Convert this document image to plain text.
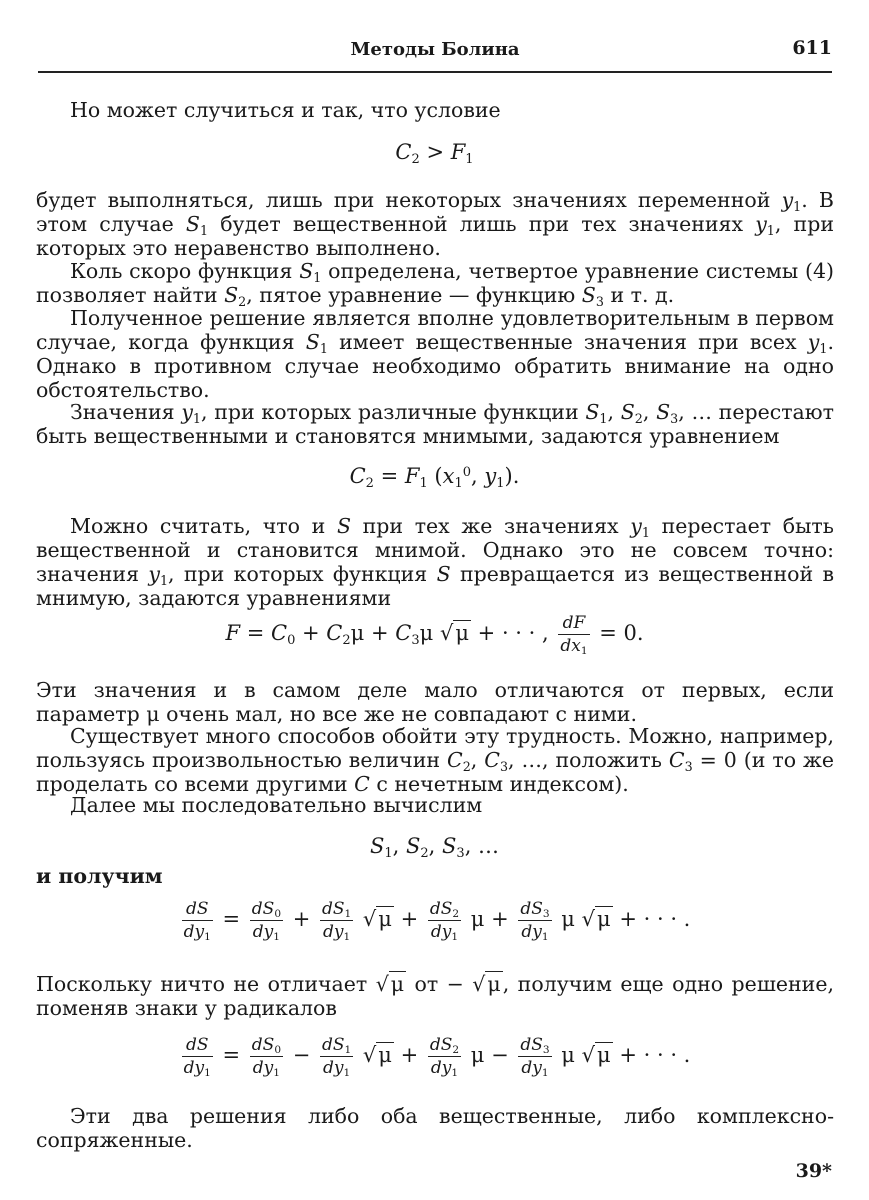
Методы Болина	611

Но может случиться и так, что условие

$C_2 > F_1$

будет выполняться, лишь при некоторых значениях переменной $y_1$. В этом случае $S_1$ будет вещественной лишь при тех значениях $y_1$, при которых это неравенство выполнено.

Коль скоро функция $S_1$ определена, четвертое уравнение системы (4) позволяет найти $S_2$, пятое уравнение — функцию $S_3$ и т. д.

Полученное решение является вполне удовлетворительным в первом случае, когда функция $S_1$ имеет вещественные значения при всех $y_1$. Однако в противном случае необходимо обратить внимание на одно обстоятельство.

Значения $y_1$, при которых различные функции $S_1$, $S_2$, $S_3$, … перестают быть вещественными и становятся мнимыми, задаются уравнением

$C_2 = F_1$ ($x_1^0$, $y_1$).

Можно считать, что и S при тех же значениях $y_1$ перестает быть вещественной и становится мнимой. Однако это не совсем точно: значения $y_1$, при которых функция S превращается из вещественной в мнимую, задаются уравнениями

$F = C_0 + C_2\mu + C_3\mu$ √μ + · · · , $\frac{dF}{dx_1} = 0$.

Эти значения и в самом деле мало отличаются от первых, если параметр μ очень мал, но все же не совпадают с ними.

Существует много способов обойти эту трудность. Можно, например, пользуясь произвольностью величин $C_2$, $C_3$, …, положить $C_3 = 0$ (и то же проделать со всеми другими C с нечетным индексом).

Далее мы последовательно вычислим

$S_1$, $S_2$, $S_3$, …

и получим

$\frac{dS}{dy_1} = \frac{dS_0}{dy_1} + \frac{dS_1}{dy_1} √\mu + \frac{dS_2}{dy_1}$ $\mu + \frac{dS_3}{dy_1}$ μ √μ + · · · .

Поскольку ничто не отличает √μ от − √μ, получим еще одно решение, поменяв знаки у радикалов

$\frac{dS}{dy_1} = \frac{dS_0}{dy_1} - \frac{dS_1}{dy_1} √\mu + \frac{dS_2}{dy_1}$ $\mu - \frac{dS_3}{dy_1}$ μ √μ + · · · .

Эти два решения либо оба вещественные, либо комплексно-сопряженные.

39*
